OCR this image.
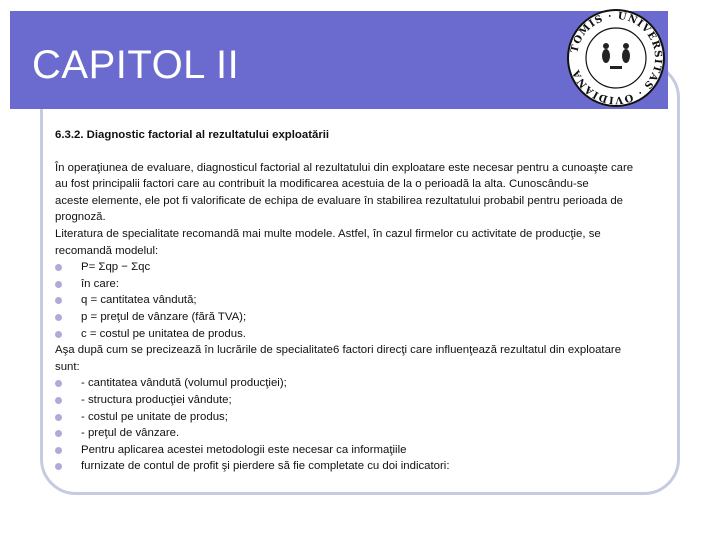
CAPITOL II	TOMIS · UNIVERSITAS · OVIDIANA
6.3.2. Diagnostic factorial al rezultatului exploatării
În operaţiunea de evaluare, diagnosticul factorial al rezultatului din exploatare este necesar pentru a cunoaşte care
au fost principalii factori care au contribuit la modificarea acestuia de la o perioadă la alta. Cunoscându-se
aceste elemente, ele pot fi valorificate de echipa de evaluare în stabilirea rezultatului probabil pentru perioada de
prognoză.
Literatura de specialitate recomandă mai multe modele. Astfel, în cazul firmelor cu activitate de producţie, se
recomandă modelul:
P= Σqp − Σqc
în care:
q = cantitatea vândută;
p = preţul de vânzare (fără TVA);
c = costul pe unitatea de produs.
Aşa după cum se precizează în lucrările de specialitate6 factori direcţi care influenţează rezultatul din exploatare
sunt:
- cantitatea vândută (volumul producţiei);
- structura producţiei vândute;
- costul pe unitate de produs;
- preţul de vânzare.
Pentru aplicarea acestei metodologii este necesar ca informaţiile
furnizate de contul de profit şi pierdere să fie completate cu doi indicatori:
